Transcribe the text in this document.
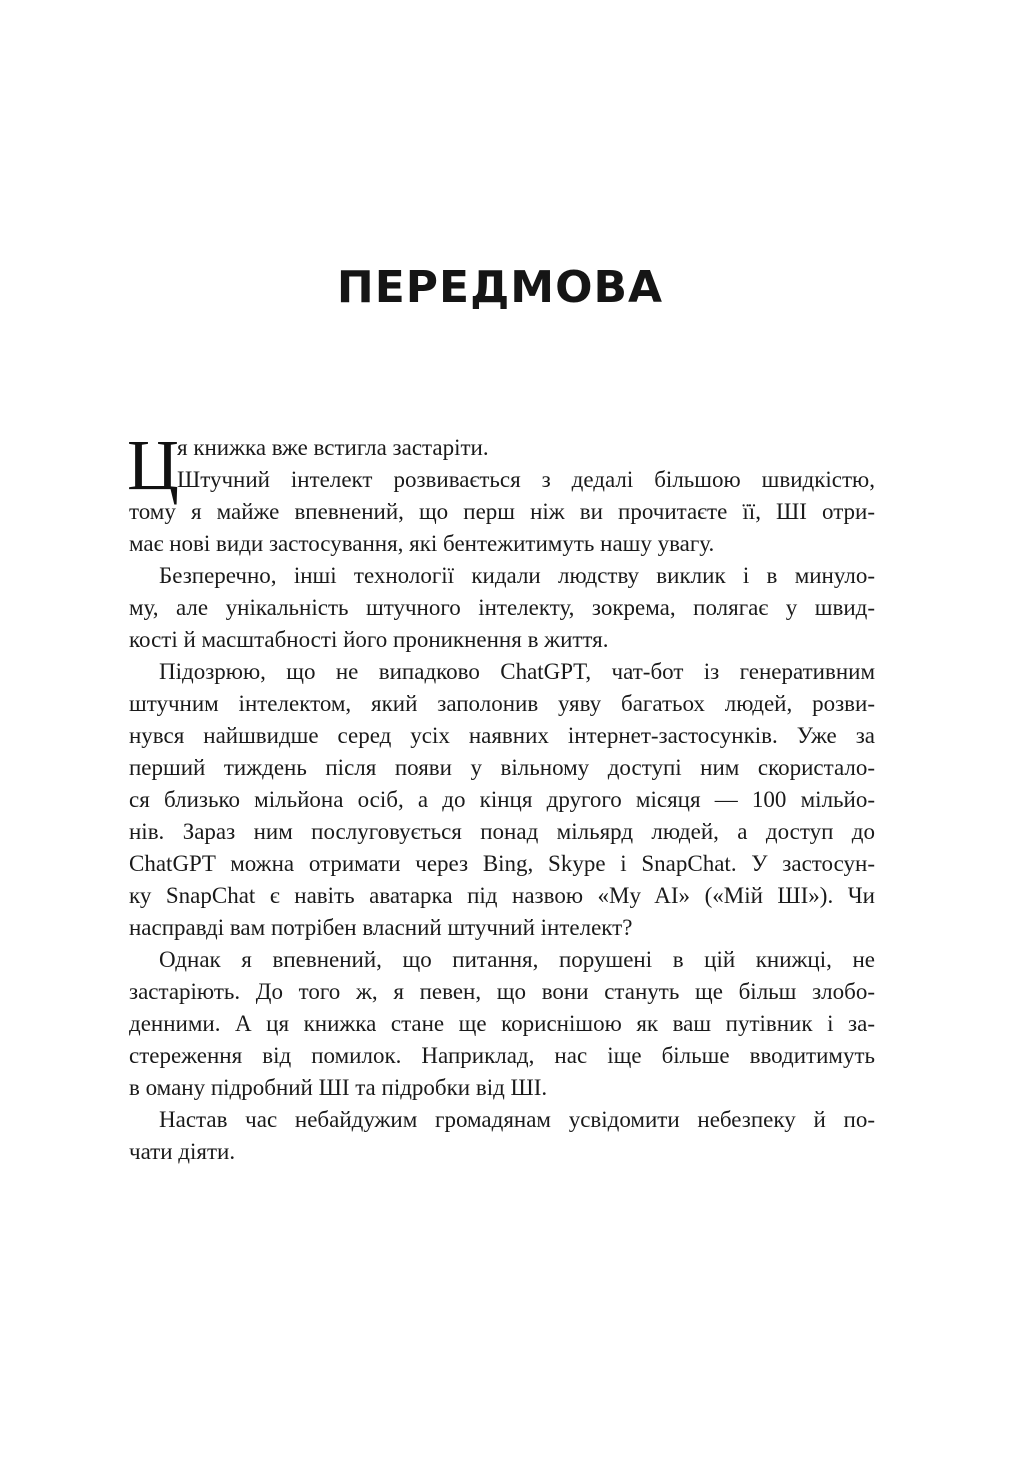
ПЕРЕДМОВА
Ц
я книжка вже встигла застаріти.
Штучний інтелект розвивається з дедалі більшою швидкістю,
тому я майже впевнений, що перш ніж ви прочитаєте її, ШІ отри-
має нові види застосування, які бентежитимуть нашу увагу.
Безперечно, інші технології кидали людству виклик і в минуло-
му, але унікальність штучного інтелекту, зокрема, полягає у швид-
кості й масштабності його проникнення в життя.
Підозрюю, що не випадково ChatGPT, чат-бот із генеративним
штучним інтелектом, який заполонив уяву багатьох людей, розви-
нувся найшвидше серед усіх наявних інтернет-застосунків. Уже за
перший тиждень після появи у вільному доступі ним скористало-
ся близько мільйона осіб, а до кінця другого місяця — 100 мільйо-
нів. Зараз ним послуговується понад мільярд людей, а доступ до
ChatGPT можна отримати через Bing, Skype і SnapChat. У застосун-
ку SnapChat є навіть аватарка під назвою «My AI» («Мій ШІ»). Чи
насправді вам потрібен власний штучний інтелект?
Однак я впевнений, що питання, порушені в цій книжці, не
застаріють. До того ж, я певен, що вони стануть ще більш злобо-
денними. А ця книжка стане ще кориснішою як ваш путівник і за-
стереження від помилок. Наприклад, нас іще більше вводитимуть
в оману підробний ШІ та підробки від ШІ.
Настав час небайдужим громадянам усвідомити небезпеку й по-
чати діяти.
